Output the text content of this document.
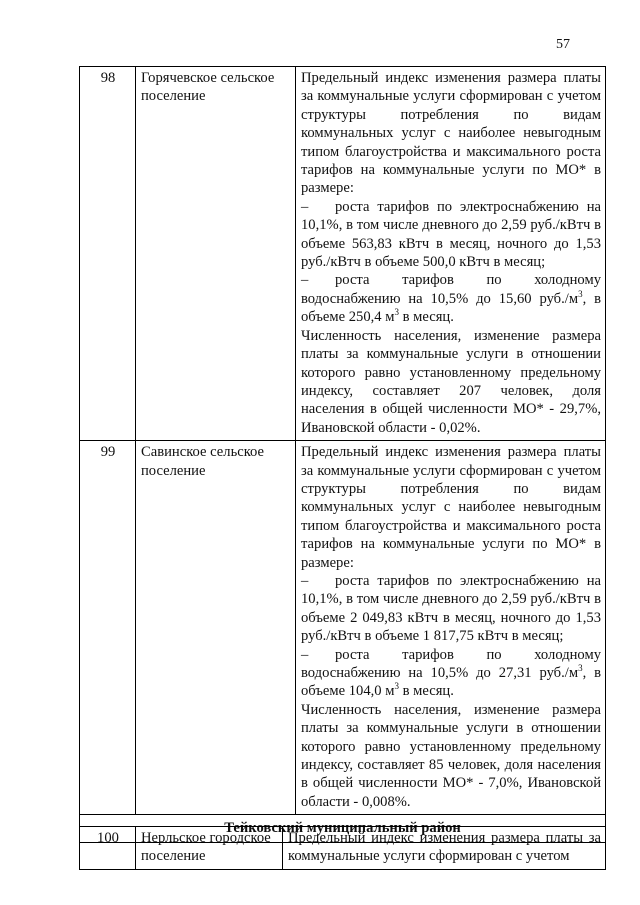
57
98	Горячевское сельское поселение	Предельный индекс изменения размера платы за коммунальные услуги сформирован с учетом структуры потребления по видам коммунальных услуг с наиболее невыгодным типом благоустройства и максимального роста тарифов на коммунальные услуги по МО* в размере:

– роста тарифов по электроснабжению на 10,1%, в том числе дневного до 2,59 руб./кВтч в объеме 563,83 кВтч в месяц, ночного до 1,53 руб./кВтч в объеме 500,0 кВтч в месяц;

– роста тарифов по холодному водоснабжению на 10,5% до 15,60 $руб./м^3$, в объеме 250,4 $м^3$ в месяц.

Численность населения, изменение размера платы за коммунальные услуги в отношении которого равно установленному предельному индексу, составляет 207 человек, доля населения в общей численности МО* - 29,7%, Ивановской области - 0,02%.

99	Савинское сельское поселение	Предельный индекс изменения размера платы за коммунальные услуги сформирован с учетом структуры потребления по видам коммунальных услуг с наиболее невыгодным типом благоустройства и максимального роста тарифов на коммунальные услуги по МО* в размере:

– роста тарифов по электроснабжению на 10,1%, в том числе дневного до 2,59 руб./кВтч в объеме 2 049,83 кВтч в месяц, ночного до 1,53 руб./кВтч в объеме 1 817,75 кВтч в месяц;

– роста тарифов по холодному водоснабжению на 10,5% до 27,31 $руб./м^3$, в объеме 104,0 $м^3$ в месяц.

Численность населения, изменение размера платы за коммунальные услуги в отношении которого равно установленному предельному индексу, составляет 85 человек, доля населения в общей численности МО* - 7,0%, Ивановской области - 0,008%.

Тейковский муниципальный район		
100	Нерльское городское поселение	Предельный индекс изменения размера платы за коммунальные услуги сформирован с учетом
